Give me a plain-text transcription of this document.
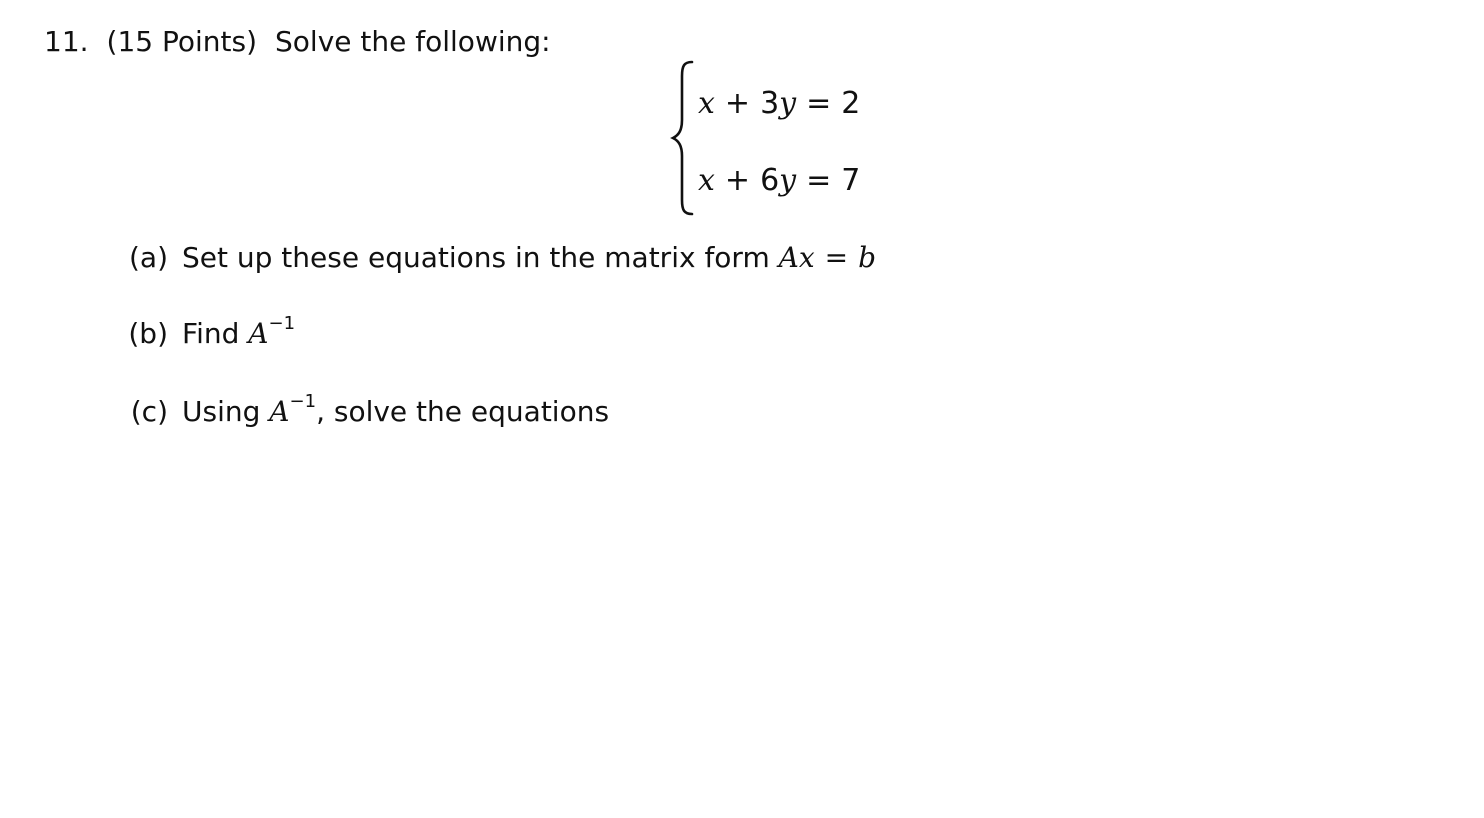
11. (15 Points) Solve the following:
x + 3y = 2
x + 6y = 7
(a) Set up these equations in the matrix form Ax = b
(b) Find $A^{-1}$
(c) Using $A^{-1}$, solve the equations
